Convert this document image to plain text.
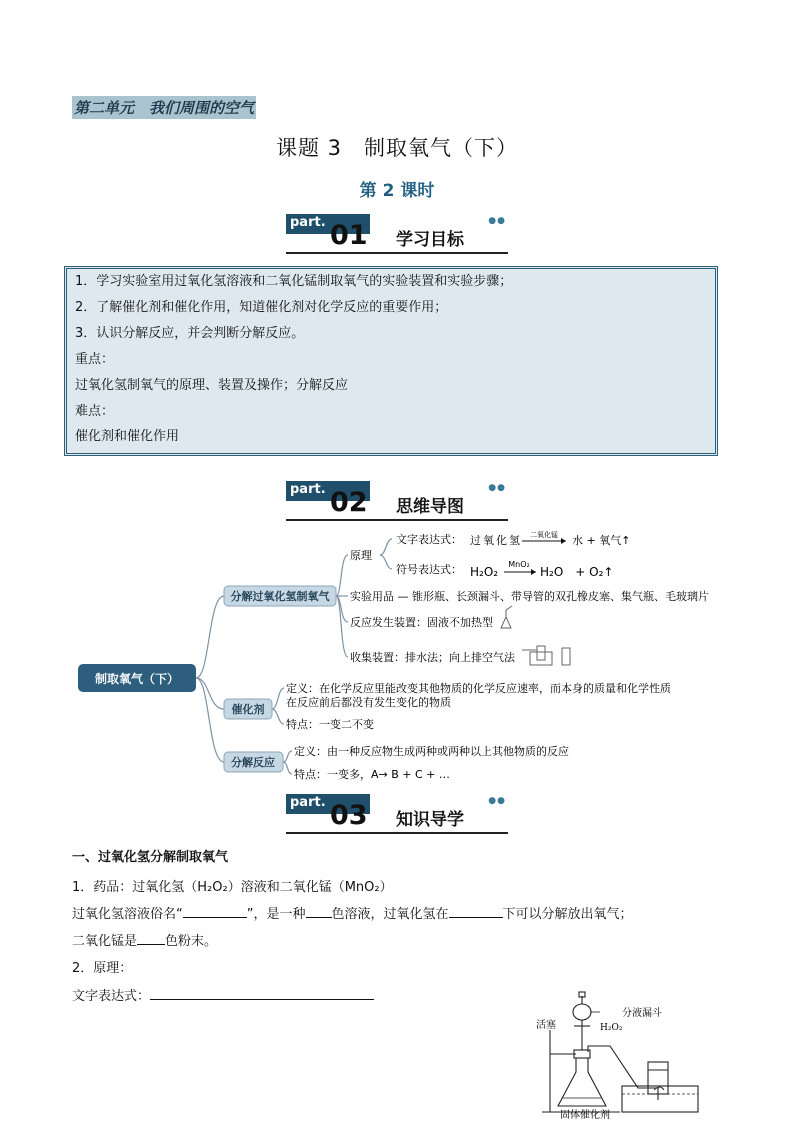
第二单元　我们周围的空气
课题 3　制取氧气（下）
第 2 课时
part. 01 学习目标
●●
1．学习实验室用过氧化氢溶液和二氧化锰制取氧气的实验装置和实验步骤；
2．了解催化剂和催化作用，知道催化剂对化学反应的重要作用；
3．认识分解反应，并会判断分解反应。
重点：
过氧化氢制氧气的原理、装置及操作；分解反应
难点：
催化剂和催化作用
part. 02 思维导图
●●
制取氧气（下）
分解过氧化氢制氧气
催化剂
分解反应
原理
文字表达式： 过氧化氢 二氧化锰 水 + 氧气↑
符号表达式： H₂O₂
MnO₂
H₂O　+ O₂↑
实验用品 — 锥形瓶、长颈漏斗、带导管的双孔橡皮塞、集气瓶、毛玻璃片
反应发生装置：固液不加热型
收集装置：排水法；向上排空气法
定义：在化学反应里能改变其他物质的化学反应速率，而本身的质量和化学性质
在反应前后都没有发生变化的物质
特点：一变二不变
定义：由一种反应物生成两种或两种以上其他物质的反应
特点：一变多，A→ B + C + …
part. 03 知识导学
●●
一、过氧化氢分解制取氧气
1．药品：过氧化氢（H₂O₂）溶液和二氧化锰（MnO₂）
过氧化氢溶液俗名“	”，是一种 色溶液，过氧化氢在	下可以分解放出氧气；
二氧化锰是 色粉末。
2．原理：
文字表达式：
分液漏斗
H₂O₂
活塞
固体催化剂
